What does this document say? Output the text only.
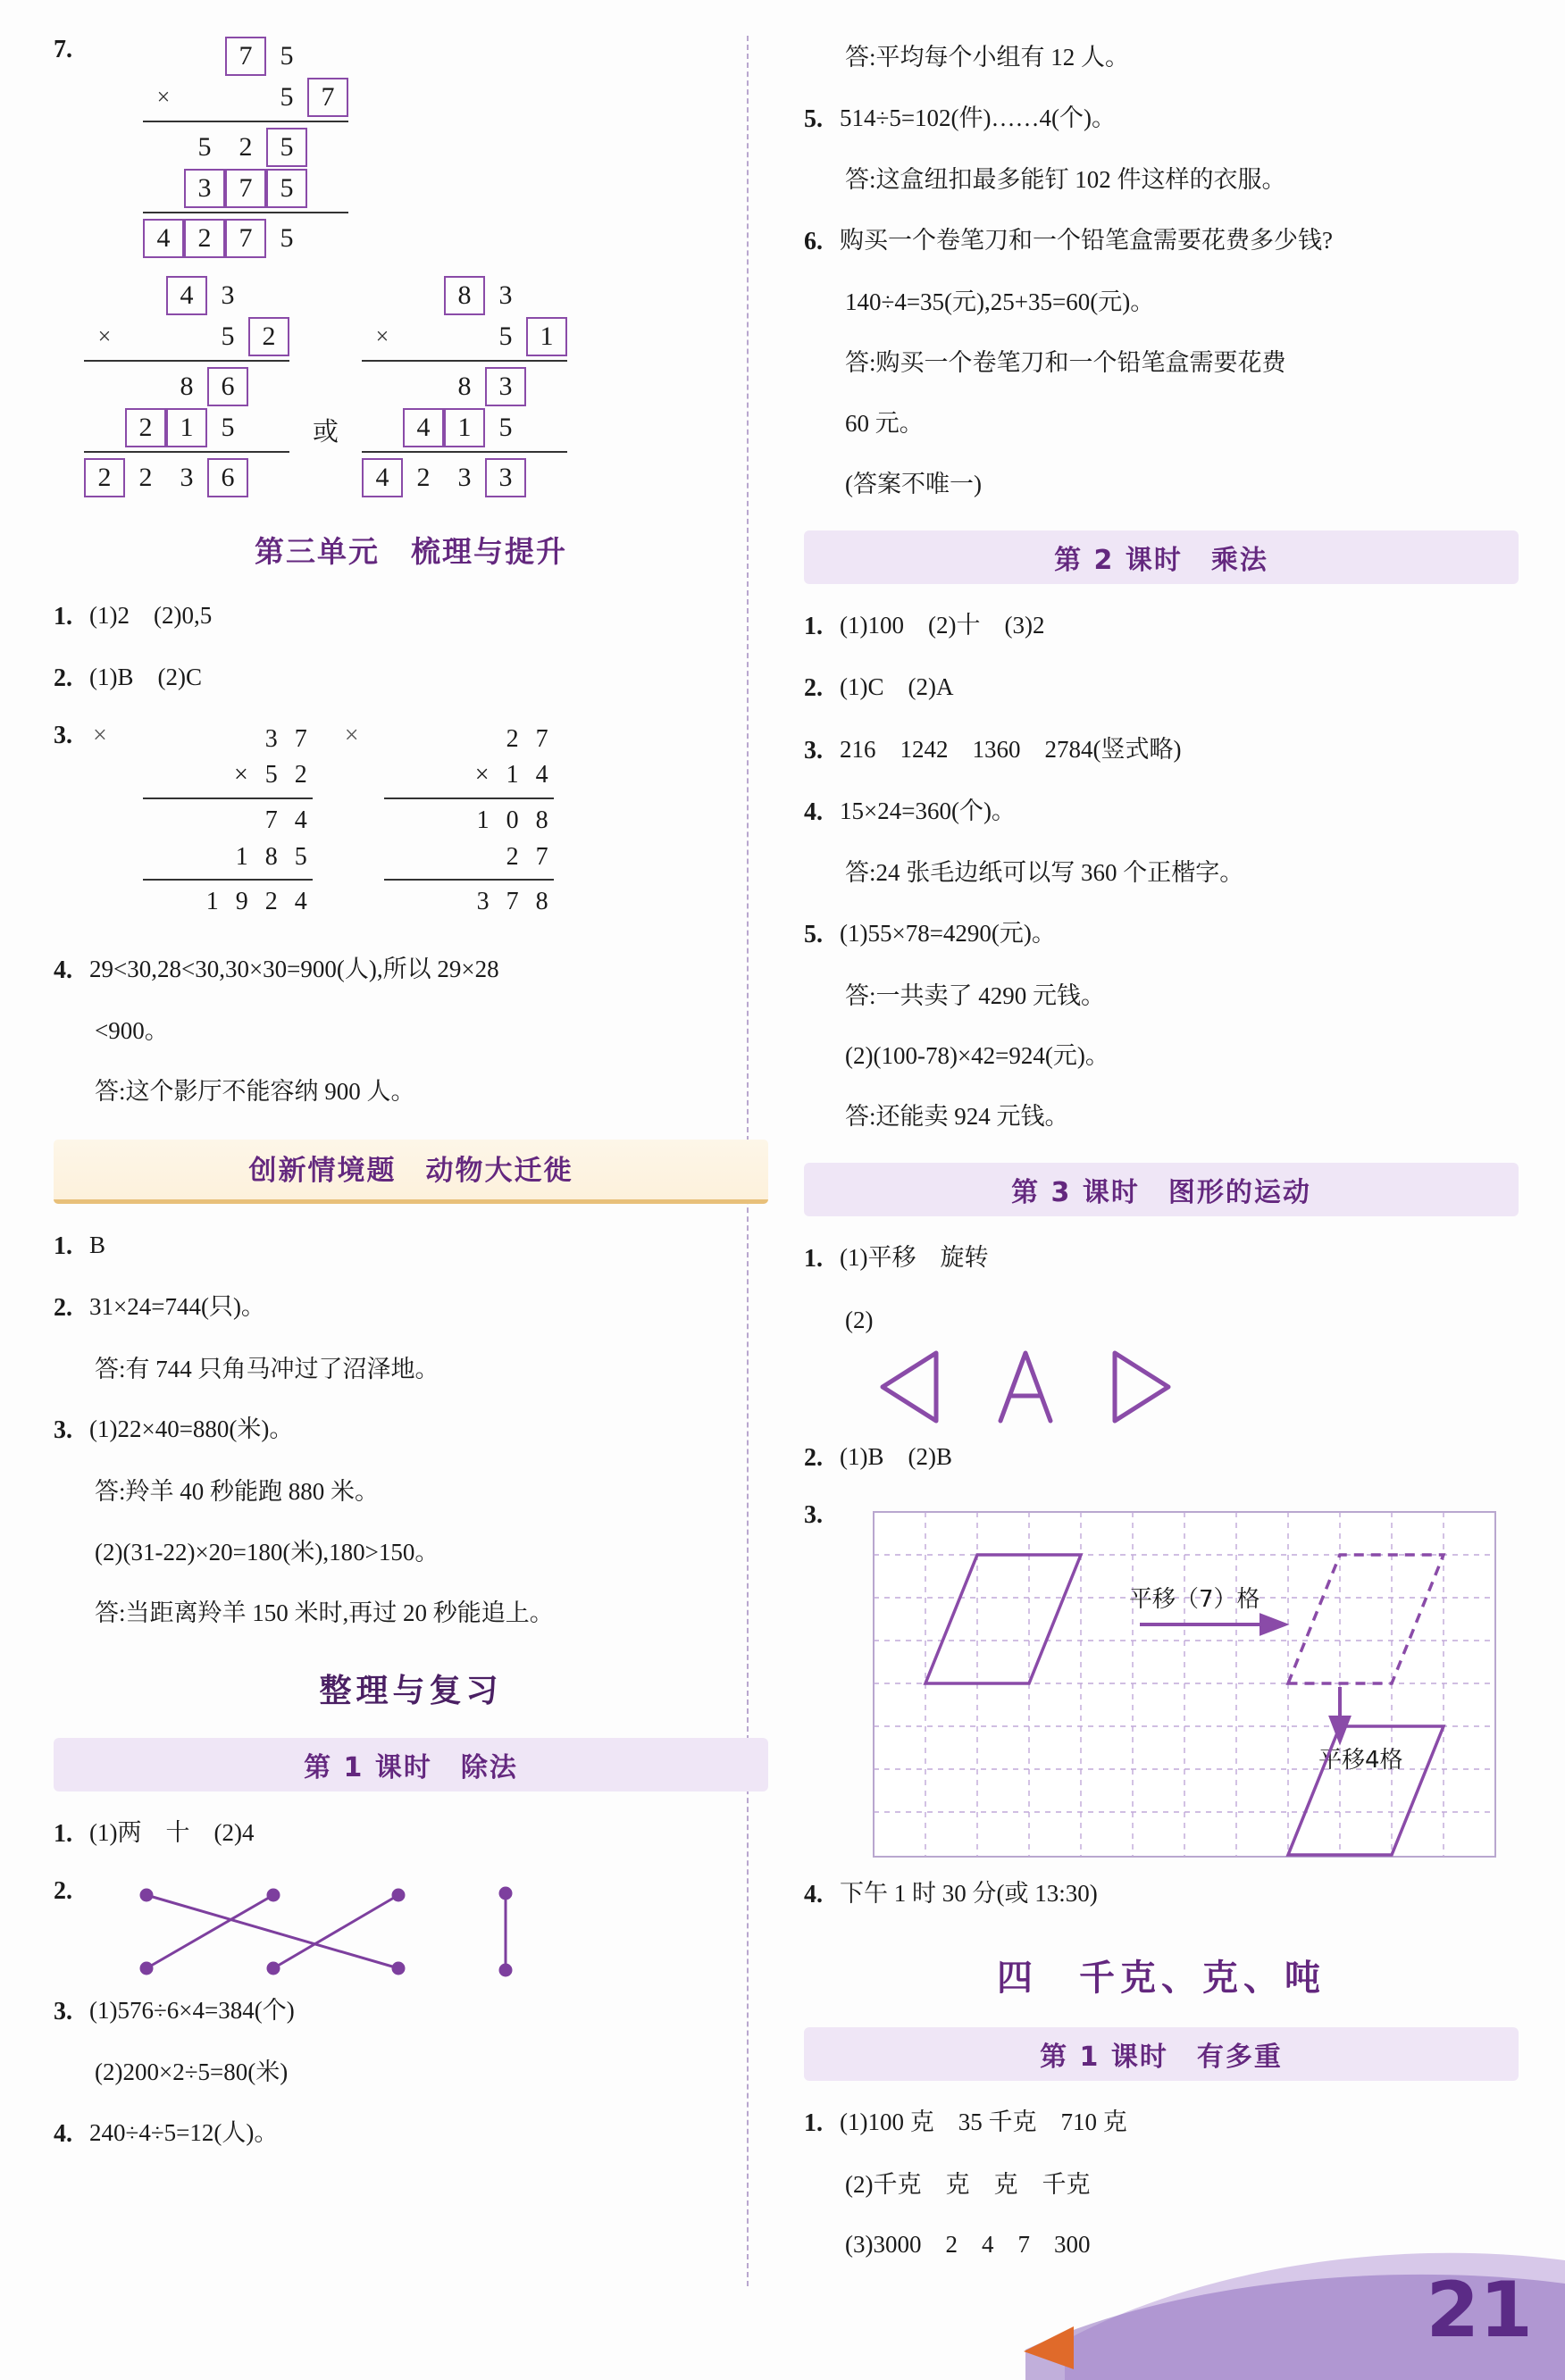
7.	7	5
×	5	7
5	2	5
3	7	5
4	2	7	5
4	3
×	5	2
8	6
2	1	5
2	2	3	6
或
8	3
×	5	1
8	3
4	1	5
4	2	3	3
第三单元　梳理与提升
1. (1)2　(2)0,5
2. (1)B　(2)C
3. ×	3 7
× 5 2
7 4
1 8 5
1 9 2 4
×	2 7
× 1 4
1 0 8
2 7
3 7 8
4. 29<30,28<30,30×30=900(人),所以 29×28
<900。
答:这个影厅不能容纳 900 人。
创新情境题　动物大迁徙
1. B
2. 31×24=744(只)。
答:有 744 只角马冲过了沼泽地。
3. (1)22×40=880(米)。
答:羚羊 40 秒能跑 880 米。
(2)(31-22)×20=180(米),180>150。
答:当距离羚羊 150 米时,再过 20 秒能追上。
整理与复习
第 1 课时　除法
1. (1)两　十　(2)4
2.
3. (1)576÷6×4=384(个)
(2)200×2÷5=80(米)
4. 240÷4÷5=12(人)。
答:平均每个小组有 12 人。
5. 514÷5=102(件)……4(个)。
答:这盒纽扣最多能钉 102 件这样的衣服。
6. 购买一个卷笔刀和一个铅笔盒需要花费多少钱?
140÷4=35(元),25+35=60(元)。
答:购买一个卷笔刀和一个铅笔盒需要花费
60 元。
(答案不唯一)
第 2 课时　乘法
1. (1)100　(2)十　(3)2
2. (1)C　(2)A
3. 216　1242　1360　2784(竖式略)
4. 15×24=360(个)。
答:24 张毛边纸可以写 360 个正楷字。
5. (1)55×78=4290(元)。
答:一共卖了 4290 元钱。
(2)(100-78)×42=924(元)。
答:还能卖 924 元钱。
第 3 课时　图形的运动
1. (1)平移　旋转
(2)
2. (1)B　(2)B
3.
平移（7）格
平移4格
4. 下午 1 时 30 分(或 13:30)
四　千克、克、吨
第 1 课时　有多重
1. (1)100 克　35 千克　710 克
(2)千克　克　克　千克
(3)3000　2　4　7　300
21
